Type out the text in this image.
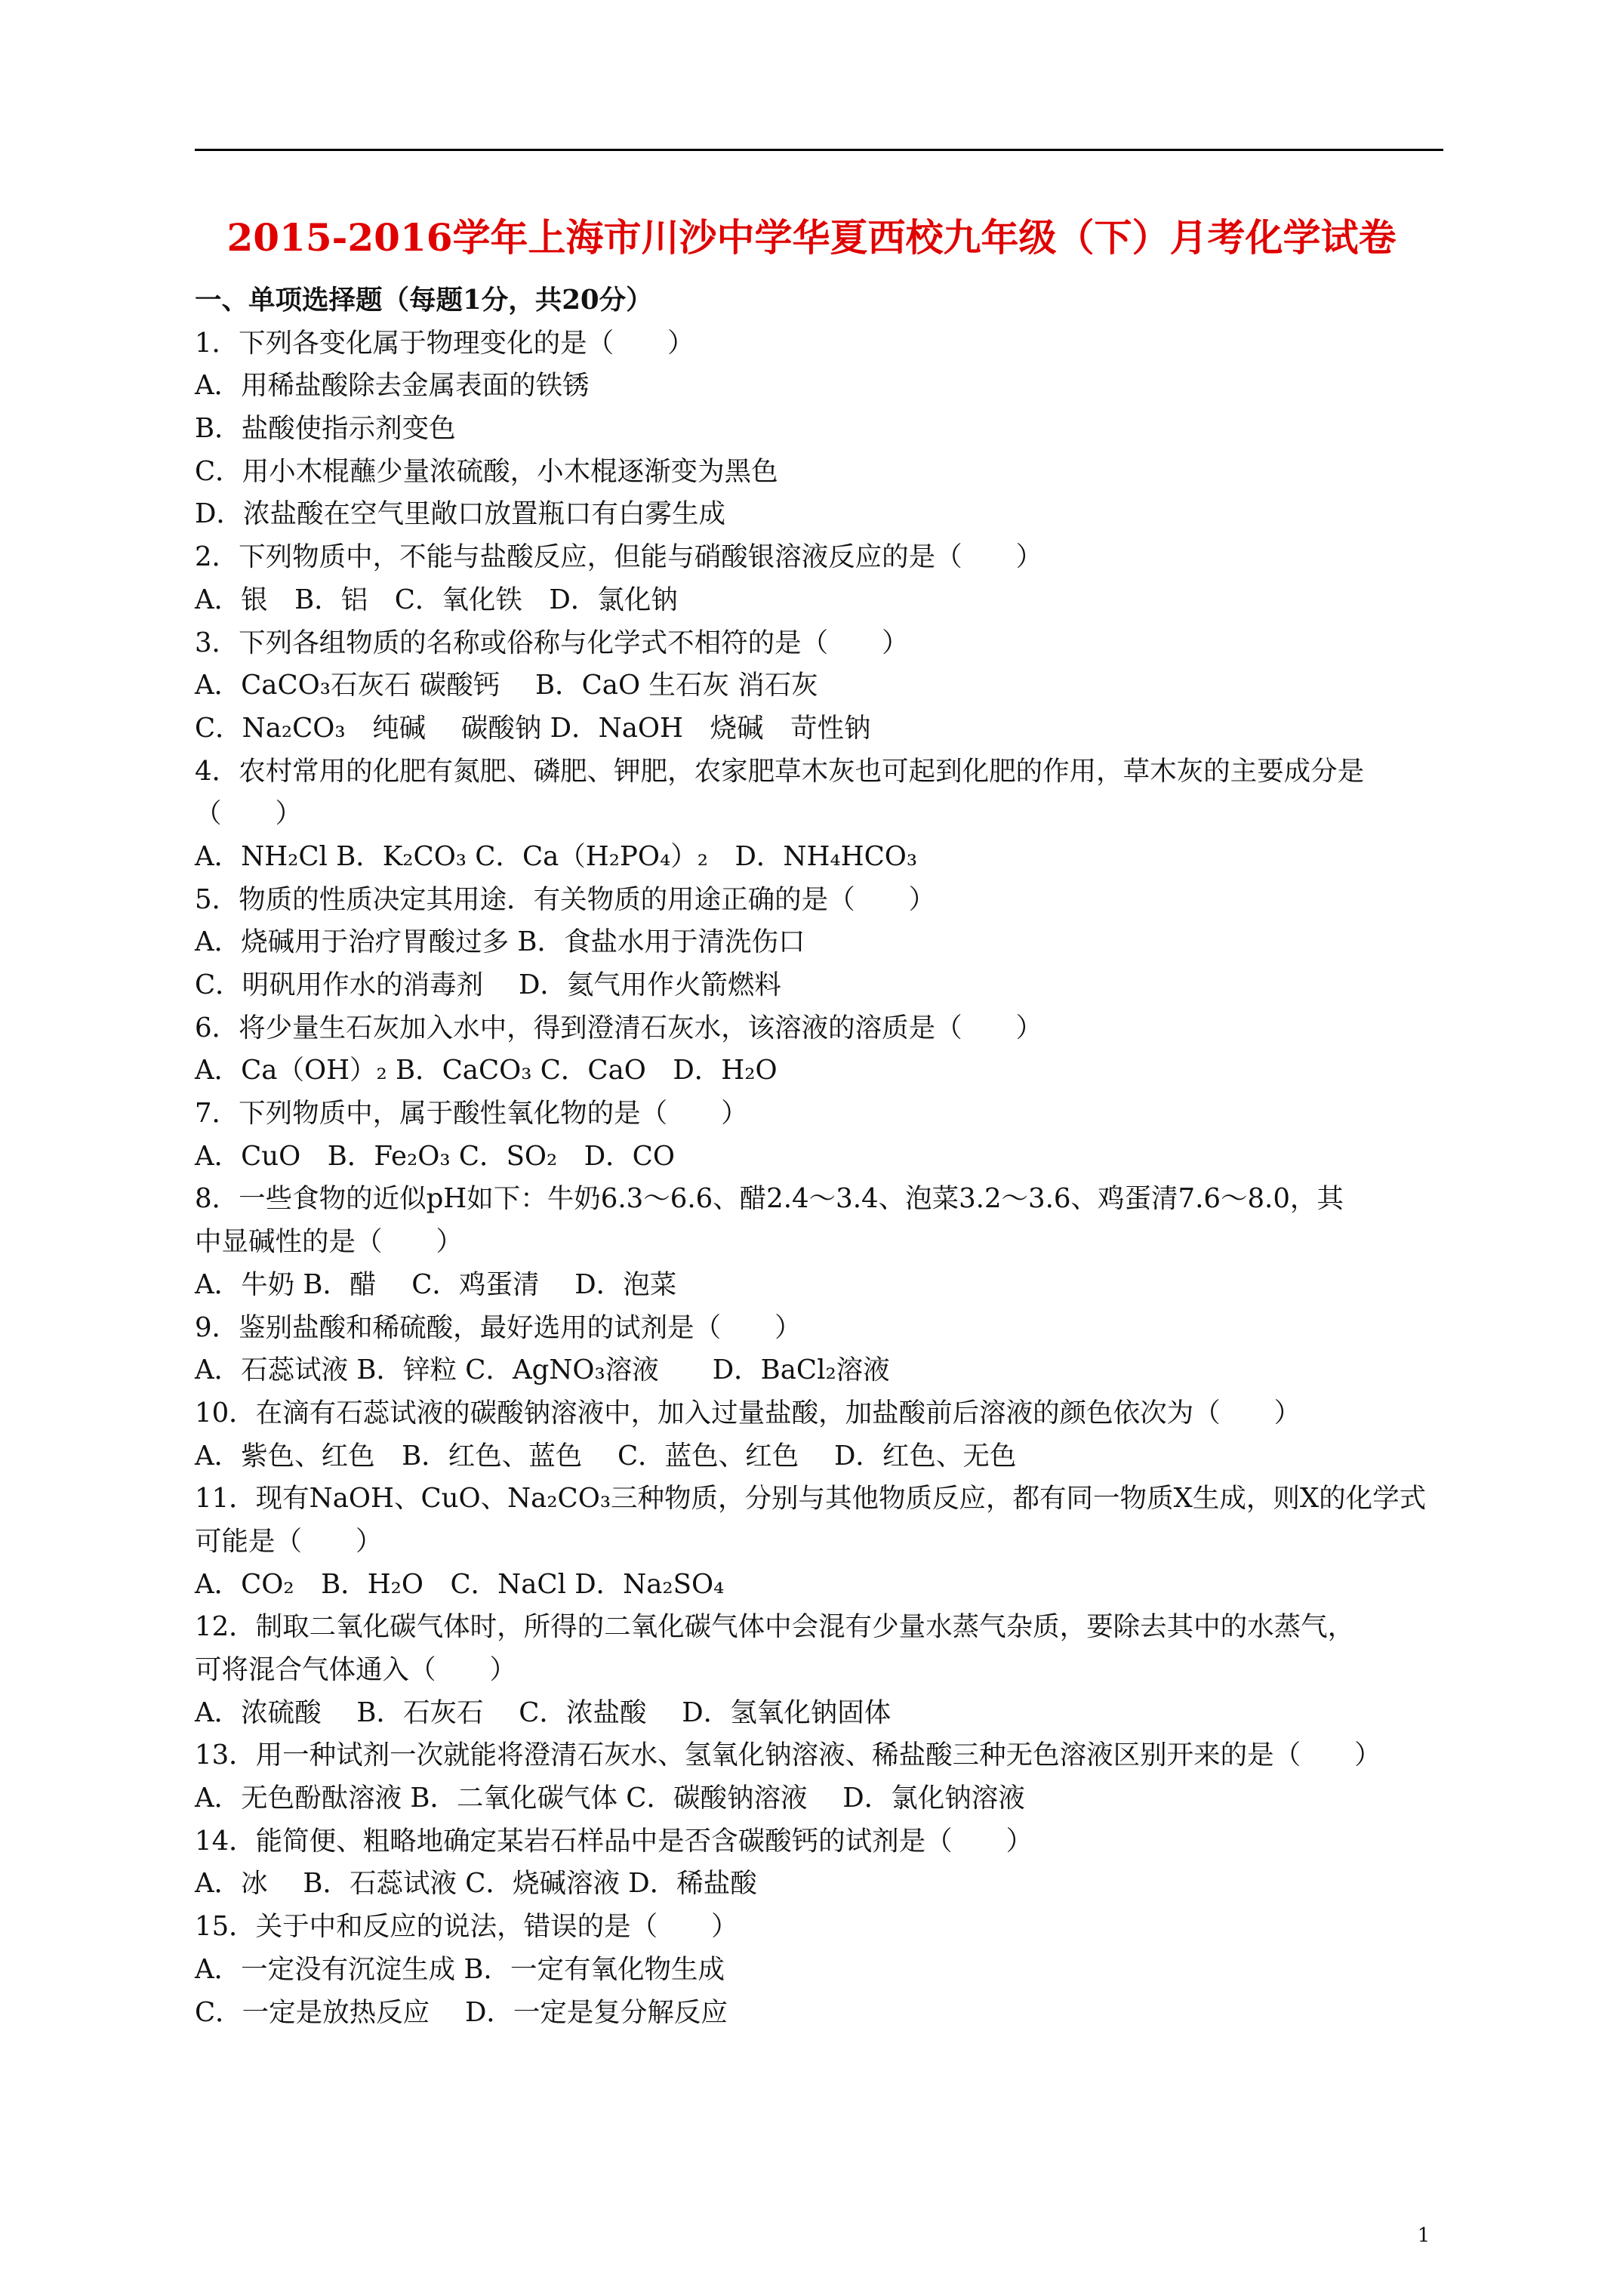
2015-2016学年上海市川沙中学华夏西校九年级（下）月考化学试卷
一、单项选择题（每题1分，共20分）
1．下列各变化属于物理变化的是（　　）
A．用稀盐酸除去金属表面的铁锈
B．盐酸使指示剂变色
C．用小木棍蘸少量浓硫酸，小木棍逐渐变为黑色
D．浓盐酸在空气里敞口放置瓶口有白雾生成
2．下列物质中，不能与盐酸反应，但能与硝酸银溶液反应的是（　　）
A．银　B．铝　C．氧化铁　D．氯化钠
3．下列各组物质的名称或俗称与化学式不相符的是（　　）
A．CaCO₃石灰石 碳酸钙　 B．CaO 生石灰 消石灰
C．Na₂CO₃　纯碱　 碳酸钠 D．NaOH　烧碱　苛性钠
4．农村常用的化肥有氮肥、磷肥、钾肥，农家肥草木灰也可起到化肥的作用，草木灰的主要成分是
（　　）
A．NH₂Cl B．K₂CO₃ C．Ca（H₂PO₄）₂　D．NH₄HCO₃
5．物质的性质决定其用途．有关物质的用途正确的是（　　）
A．烧碱用于治疗胃酸过多 B．食盐水用于清洗伤口
C．明矾用作水的消毒剂　 D．氦气用作火箭燃料
6．将少量生石灰加入水中，得到澄清石灰水，该溶液的溶质是（　　）
A．Ca（OH）₂ B．CaCO₃ C．CaO　D．H₂O
7．下列物质中，属于酸性氧化物的是（　　）
A．CuO　B．Fe₂O₃ C．SO₂　D．CO
8．一些食物的近似pH如下：牛奶6.3～6.6、醋2.4～3.4、泡菜3.2～3.6、鸡蛋清7.6～8.0，其
中显碱性的是（　　）
A．牛奶 B．醋　 C．鸡蛋清　 D．泡菜
9．鉴别盐酸和稀硫酸，最好选用的试剂是（　　）
A．石蕊试液 B．锌粒 C．AgNO₃溶液　　D．BaCl₂溶液
10．在滴有石蕊试液的碳酸钠溶液中，加入过量盐酸，加盐酸前后溶液的颜色依次为（　　）
A．紫色、红色　B．红色、蓝色　 C．蓝色、红色　 D．红色、无色
11．现有NaOH、CuO、Na₂CO₃三种物质，分别与其他物质反应，都有同一物质X生成，则X的化学式
可能是（　　）
A．CO₂　B．H₂O　C．NaCl D．Na₂SO₄
12．制取二氧化碳气体时，所得的二氧化碳气体中会混有少量水蒸气杂质，要除去其中的水蒸气，
可将混合气体通入（　　）
A．浓硫酸　 B．石灰石　 C．浓盐酸　 D．氢氧化钠固体
13．用一种试剂一次就能将澄清石灰水、氢氧化钠溶液、稀盐酸三种无色溶液区别开来的是（　　）
A．无色酚酞溶液 B．二氧化碳气体 C．碳酸钠溶液　 D．氯化钠溶液
14．能简便、粗略地确定某岩石样品中是否含碳酸钙的试剂是（　　）
A．冰　 B．石蕊试液 C．烧碱溶液 D．稀盐酸
15．关于中和反应的说法，错误的是（　　）
A．一定没有沉淀生成 B．一定有氧化物生成
C．一定是放热反应　 D．一定是复分解反应
1
